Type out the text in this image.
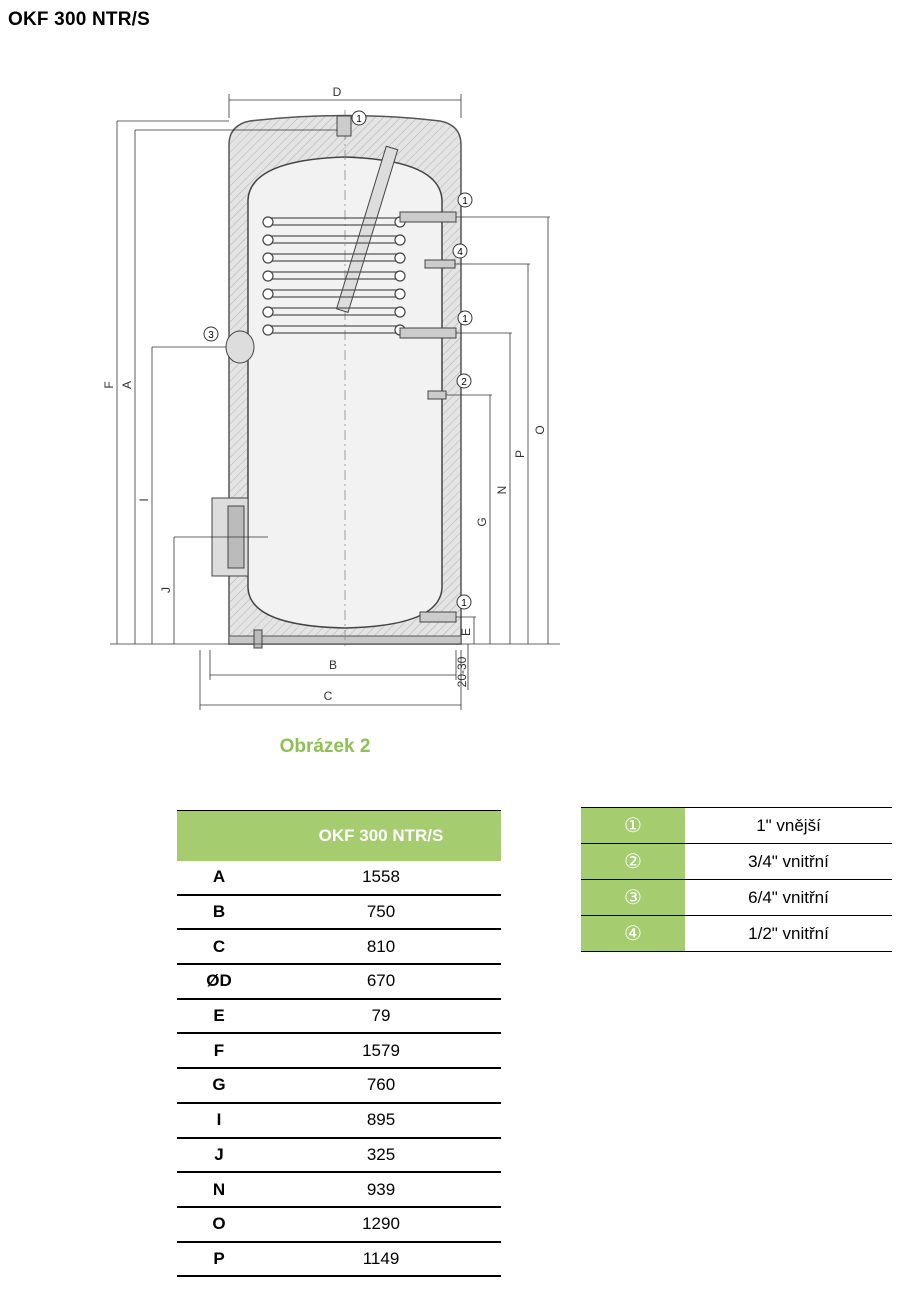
OKF 300 NTR/S
1
1
4
1
3
2
1
D
F A
I
J
B
C
E
20-30
G
N
P
O
Obrázek 2
	OKF 300 NTR/S
A	1558
B	750
C	810
ØD	670
E	79
F	1579
G	760
I	895
J	325
N	939
O	1290
P	1149
①	1" vnější
②	3/4" vnitřní
③	6/4" vnitřní
④	1/2" vnitřní
